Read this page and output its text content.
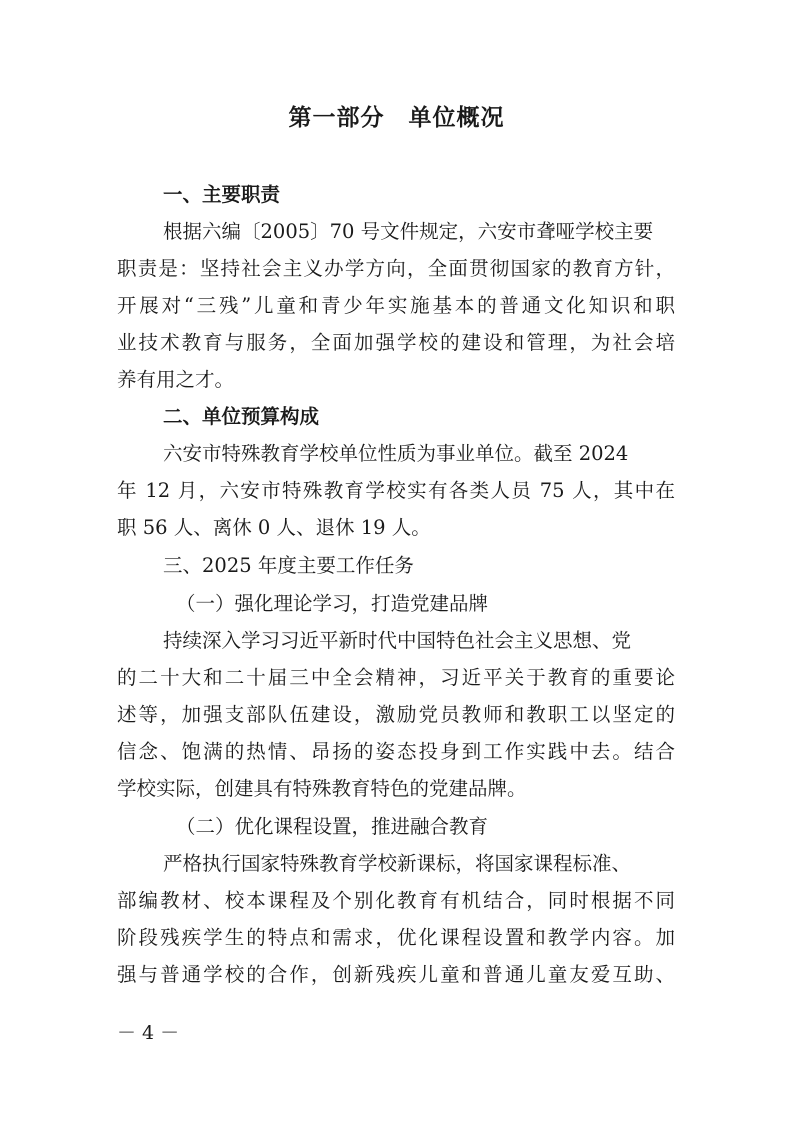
第一部分 单位概况
一、主要职责
根据六编〔2005〕70 号文件规定，六安市聋哑学校主要
职责是：坚持社会主义办学方向，全面贯彻国家的教育方针，
开展对“三残”儿童和青少年实施基本的普通文化知识和职
业技术教育与服务，全面加强学校的建设和管理，为社会培
养有用之才。
二、单位预算构成
六安市特殊教育学校单位性质为事业单位。截至 2024
年 12 月，六安市特殊教育学校实有各类人员 75 人，其中在
职 56 人、离休 0 人、退休 19 人。
三、2025 年度主要工作任务
（一）强化理论学习，打造党建品牌
持续深入学习习近平新时代中国特色社会主义思想、党
的二十大和二十届三中全会精神，习近平关于教育的重要论
述等，加强支部队伍建设，激励党员教师和教职工以坚定的
信念、饱满的热情、昂扬的姿态投身到工作实践中去。结合
学校实际，创建具有特殊教育特色的党建品牌。
（二）优化课程设置，推进融合教育
严格执行国家特殊教育学校新课标，将国家课程标准、
部编教材、校本课程及个别化教育有机结合，同时根据不同
阶段残疾学生的特点和需求，优化课程设置和教学内容。加
强与普通学校的合作，创新残疾儿童和普通儿童友爱互助、
－ 4 －
